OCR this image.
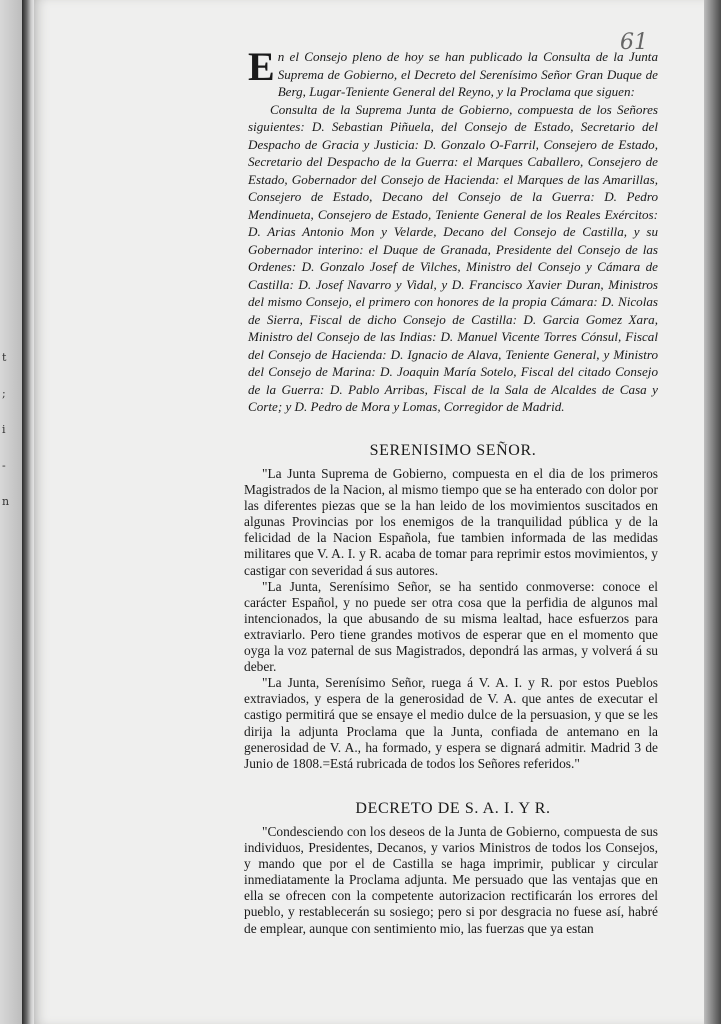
t
;
i
-
n
61

En el Consejo pleno de hoy se han publicado la Consulta de la Junta Suprema de Gobierno, el Decreto del Serenísimo Señor Gran Duque de Berg, Lugar-Teniente General del Reyno, y la Proclama que siguen:

Consulta de la Suprema Junta de Gobierno, compuesta de los Señores siguientes: D. Sebastian Piñuela, del Consejo de Estado, Secretario del Despacho de Gracia y Justicia: D. Gonzalo O-Farril, Consejero de Estado, Secretario del Despacho de la Guerra: el Marques Caballero, Consejero de Estado, Gobernador del Consejo de Hacienda: el Marques de las Amarillas, Consejero de Estado, Decano del Consejo de la Guerra: D. Pedro Mendinueta, Consejero de Estado, Teniente General de los Reales Exércitos: D. Arias Antonio Mon y Velarde, Decano del Consejo de Castilla, y su Gobernador interino: el Duque de Granada, Presidente del Consejo de las Ordenes: D. Gonzalo Josef de Vilches, Ministro del Consejo y Cámara de Castilla: D. Josef Navarro y Vidal, y D. Francisco Xavier Duran, Ministros del mismo Consejo, el primero con honores de la propia Cámara: D. Nicolas de Sierra, Fiscal de dicho Consejo de Castilla: D. Garcia Gomez Xara, Ministro del Consejo de las Indias: D. Manuel Vicente Torres Cónsul, Fiscal del Consejo de Hacienda: D. Ignacio de Alava, Teniente General, y Ministro del Consejo de Marina: D. Joaquin María Sotelo, Fiscal del citado Consejo de la Guerra: D. Pablo Arribas, Fiscal de la Sala de Alcaldes de Casa y Corte; y D. Pedro de Mora y Lomas, Corregidor de Madrid.

SERENISIMO SEÑOR.

"La Junta Suprema de Gobierno, compuesta en el dia de los primeros Magistrados de la Nacion, al mismo tiempo que se ha enterado con dolor por las diferentes piezas que se la han leido de los movimientos suscitados en algunas Provincias por los enemigos de la tranquilidad pública y de la felicidad de la Nacion Española, fue tambien informada de las medidas militares que V. A. I. y R. acaba de tomar para reprimir estos movimientos, y castigar con severidad á sus autores.

"La Junta, Serenísimo Señor, se ha sentido conmoverse: conoce el carácter Español, y no puede ser otra cosa que la perfidia de algunos mal intencionados, la que abusando de su misma lealtad, hace esfuerzos para extraviarlo. Pero tiene grandes motivos de esperar que en el momento que oyga la voz paternal de sus Magistrados, depondrá las armas, y volverá á su deber.

"La Junta, Serenísimo Señor, ruega á V. A. I. y R. por estos Pueblos extraviados, y espera de la generosidad de V. A. que antes de executar el castigo permitirá que se ensaye el medio dulce de la persuasion, y que se les dirija la adjunta Proclama que la Junta, confiada de antemano en la generosidad de V. A., ha formado, y espera se dignará admitir. Madrid 3 de Junio de 1808.=Está rubricada de todos los Señores referidos."

DECRETO DE S. A. I. Y R.

"Condesciendo con los deseos de la Junta de Gobierno, compuesta de sus individuos, Presidentes, Decanos, y varios Ministros de todos los Consejos, y mando que por el de Castilla se haga imprimir, publicar y circular inmediatamente la Proclama adjunta. Me persuado que las ventajas que en ella se ofrecen con la competente autorizacion rectificarán los errores del pueblo, y restablecerán su sosiego; pero si por desgracia no fuese así, habré de emplear, aunque con sentimiento mio, las fuerzas que ya estan
